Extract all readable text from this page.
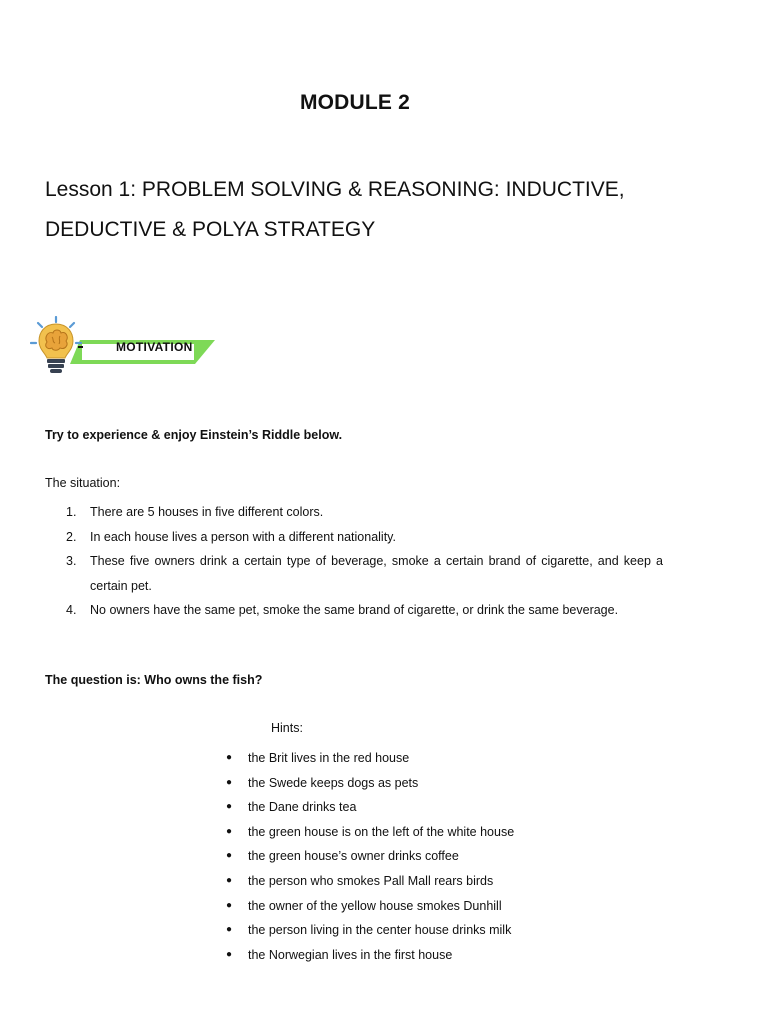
MODULE 2
Lesson 1: PROBLEM SOLVING & REASONING: INDUCTIVE,
DEDUCTIVE & POLYA STRATEGY
MOTIVATION
Try to experience & enjoy Einstein’s Riddle below.
The situation:
1. There are 5 houses in five different colors.
2. In each house lives a person with a different nationality.
3. These five owners drink a certain type of beverage, smoke a certain brand of cigarette, and keep a certain pet.
4. No owners have the same pet, smoke the same brand of cigarette, or drink the same beverage.
The question is: Who owns the fish?
Hints:
● the Brit lives in the red house
● the Swede keeps dogs as pets
● the Dane drinks tea
● the green house is on the left of the white house
● the green house’s owner drinks coffee
● the person who smokes Pall Mall rears birds
● the owner of the yellow house smokes Dunhill
● the person living in the center house drinks milk
● the Norwegian lives in the first house
